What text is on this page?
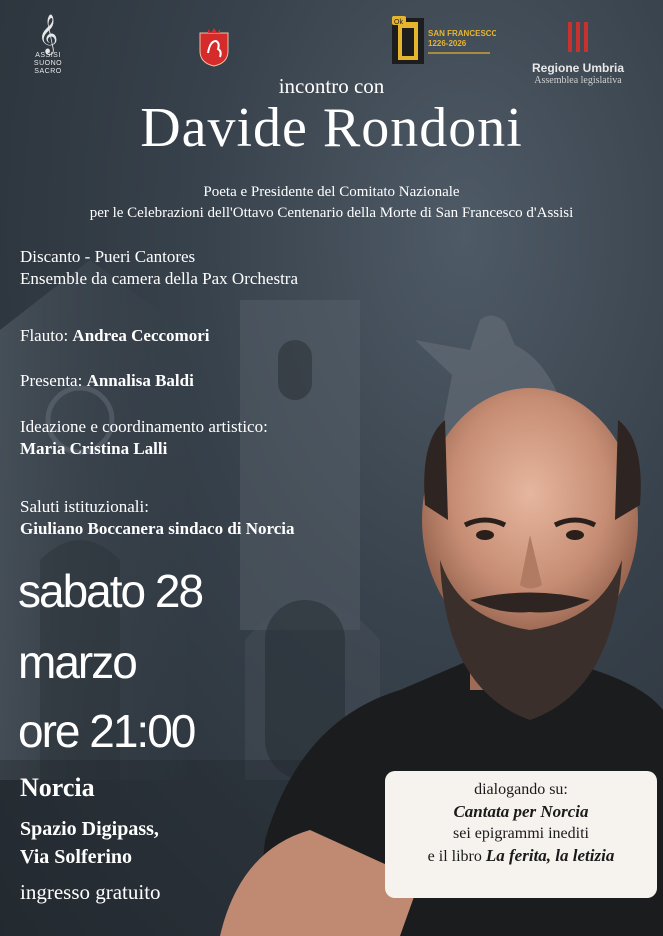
𝄞
ASSISI
SUONO
SACRO
Ok
SAN FRANCESCO
1226-2026
Regione Umbria
Assemblea legislativa
incontro con
Davide Rondoni
Poeta e Presidente del Comitato Nazionale
per le Celebrazioni dell'Ottavo Centenario della Morte di San Francesco d'Assisi
Discanto - Pueri Cantores
Ensemble da camera della Pax Orchestra
Flauto: Andrea Ceccomori
Presenta: Annalisa Baldi
Ideazione e coordinamento artistico:
Maria Cristina Lalli
Saluti istituzionali:
Giuliano Boccanera sindaco di Norcia
sabato 28
marzo
ore 21:00
Norcia
Spazio Digipass,
Via Solferino
ingresso gratuito
dialogando su:
Cantata per Norcia
sei epigrammi inediti
e il libro La ferita, la letizia
